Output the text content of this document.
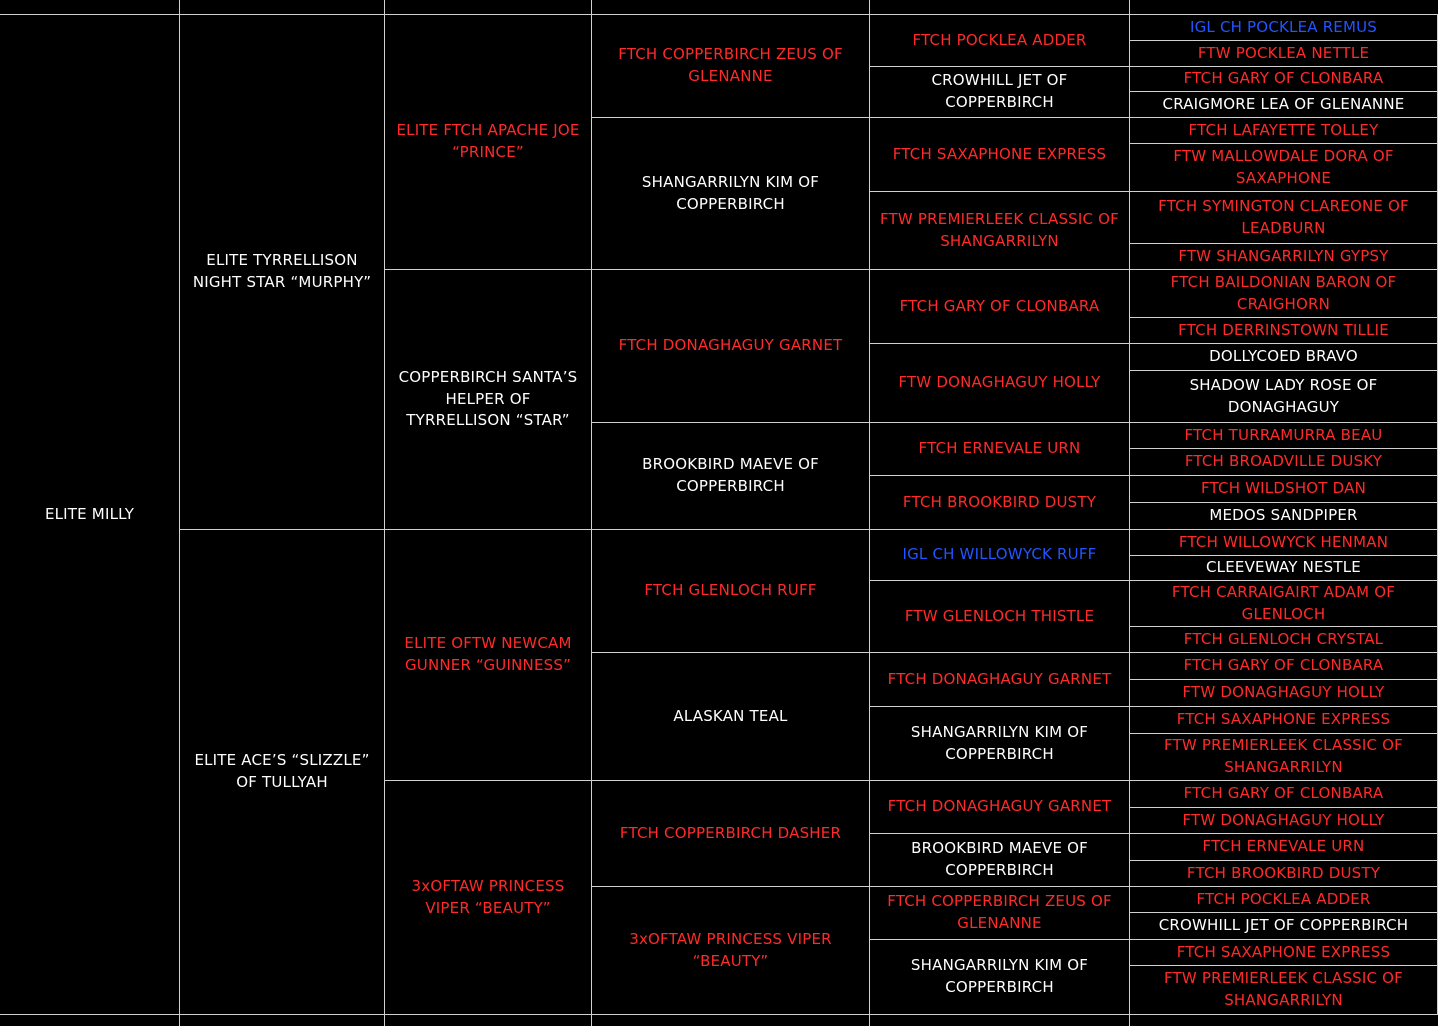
ELITE MILLY
ELITE TYRRELLISON NIGHT STAR “MURPHY”
ELITE ACE’S “SLIZZLE” OF TULLYAH
ELITE FTCH APACHE JOE “PRINCE”
COPPERBIRCH SANTA’S HELPER OF TYRRELLISON “STAR”
ELITE OFTW NEWCAM GUNNER “GUINNESS”
3xOFTAW PRINCESS VIPER “BEAUTY”
FTCH COPPERBIRCH ZEUS OF GLENANNE
SHANGARRILYN KIM OF COPPERBIRCH
FTCH DONAGHAGUY GARNET
BROOKBIRD MAEVE OF COPPERBIRCH
FTCH GLENLOCH RUFF
ALASKAN TEAL
FTCH COPPERBIRCH DASHER
3xOFTAW PRINCESS VIPER “BEAUTY”
FTCH POCKLEA ADDER
CROWHILL JET OF COPPERBIRCH
FTCH SAXAPHONE EXPRESS
FTW PREMIERLEEK CLASSIC OF SHANGARRILYN
FTCH GARY OF CLONBARA
FTW DONAGHAGUY HOLLY
FTCH ERNEVALE URN
FTCH BROOKBIRD DUSTY
IGL CH WILLOWYCK RUFF
FTW GLENLOCH THISTLE
FTCH DONAGHAGUY GARNET
SHANGARRILYN KIM OF COPPERBIRCH
FTCH DONAGHAGUY GARNET
BROOKBIRD MAEVE OF COPPERBIRCH
FTCH COPPERBIRCH ZEUS OF GLENANNE
SHANGARRILYN KIM OF COPPERBIRCH
IGL CH POCKLEA REMUS
FTW POCKLEA NETTLE
FTCH GARY OF CLONBARA
CRAIGMORE LEA OF GLENANNE
FTCH LAFAYETTE TOLLEY
FTW MALLOWDALE DORA OF SAXAPHONE
FTCH SYMINGTON CLAREONE OF LEADBURN
FTW SHANGARRILYN GYPSY
FTCH BAILDONIAN BARON OF CRAIGHORN
FTCH DERRINSTOWN TILLIE
DOLLYCOED BRAVO
SHADOW LADY ROSE OF DONAGHAGUY
FTCH TURRAMURRA BEAU
FTCH BROADVILLE DUSKY
FTCH WILDSHOT DAN
MEDOS SANDPIPER
FTCH WILLOWYCK HENMAN
CLEEVEWAY NESTLE
FTCH CARRAIGAIRT ADAM OF GLENLOCH
FTCH GLENLOCH CRYSTAL
FTCH GARY OF CLONBARA
FTW DONAGHAGUY HOLLY
FTCH SAXAPHONE EXPRESS
FTW PREMIERLEEK CLASSIC OF SHANGARRILYN
FTCH GARY OF CLONBARA
FTW DONAGHAGUY HOLLY
FTCH ERNEVALE URN
FTCH BROOKBIRD DUSTY
FTCH POCKLEA ADDER
CROWHILL JET OF COPPERBIRCH
FTCH SAXAPHONE EXPRESS
FTW PREMIERLEEK CLASSIC OF SHANGARRILYN
